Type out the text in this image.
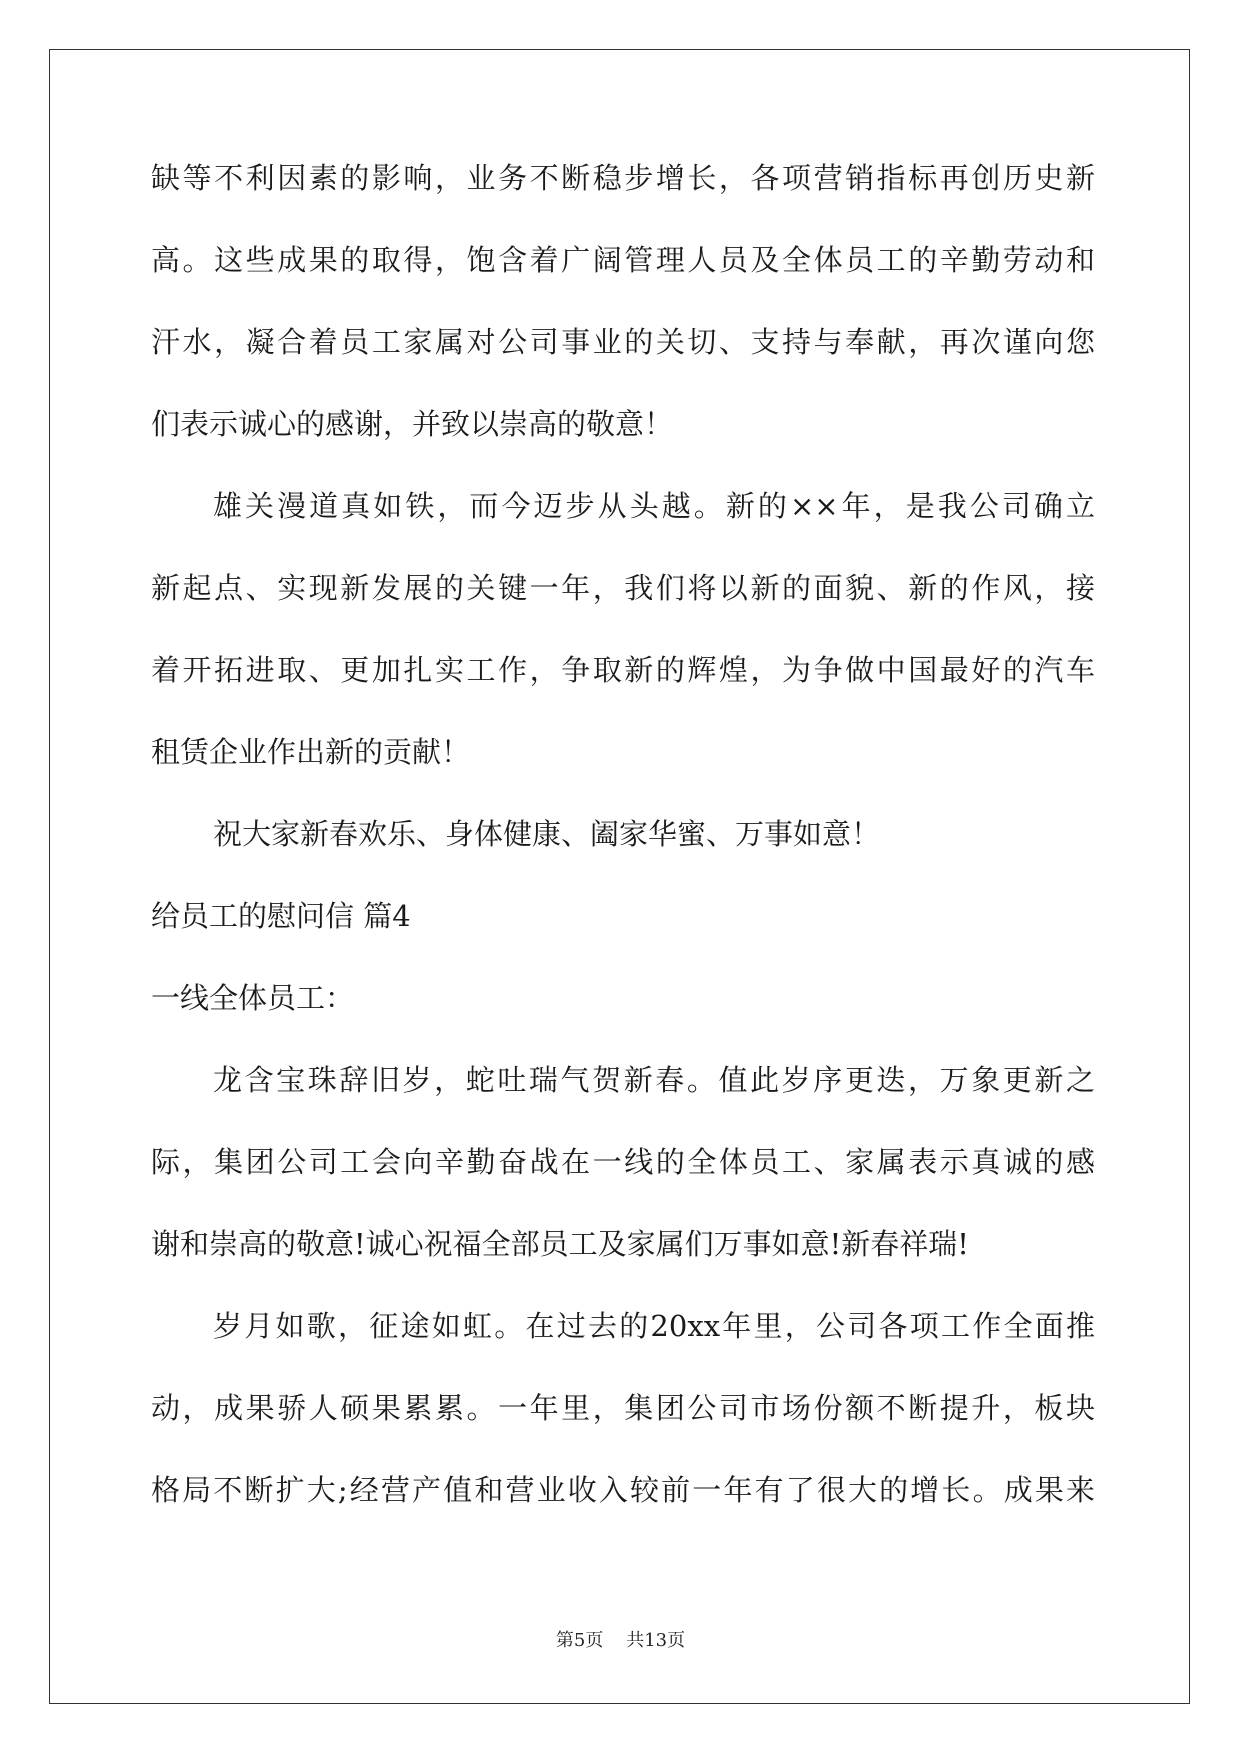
缺等不利因素的影响，业务不断稳步增长，各项营销指标再创历史新
高。这些成果的取得，饱含着广阔管理人员及全体员工的辛勤劳动和
汗水，凝合着员工家属对公司事业的关切、支持与奉献，再次谨向您
们表示诚心的感谢，并致以崇高的敬意！
雄关漫道真如铁，而今迈步从头越。新的××年，是我公司确立
新起点、实现新发展的关键一年，我们将以新的面貌、新的作风，接
着开拓进取、更加扎实工作，争取新的辉煌，为争做中国最好的汽车
租赁企业作出新的贡献！
祝大家新春欢乐、身体健康、阖家华蜜、万事如意！
给员工的慰问信 篇4
一线全体员工：
龙含宝珠辞旧岁，蛇吐瑞气贺新春。值此岁序更迭，万象更新之
际，集团公司工会向辛勤奋战在一线的全体员工、家属表示真诚的感
谢和崇高的敬意!诚心祝福全部员工及家属们万事如意!新春祥瑞!
岁月如歌，征途如虹。在过去的20xx年里，公司各项工作全面推
动，成果骄人硕果累累。一年里，集团公司市场份额不断提升，板块
格局不断扩大;经营产值和营业收入较前一年有了很大的增长。成果来
第5页 共13页
